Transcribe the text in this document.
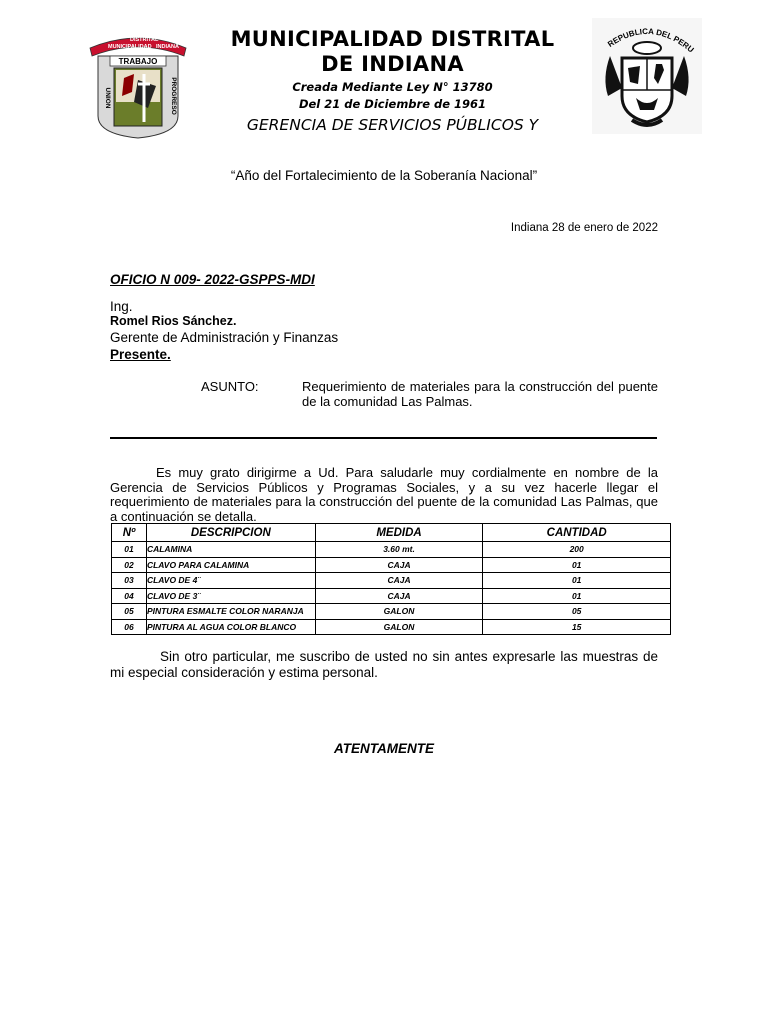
MUNICIPALIDAD
DISTRITAL
INDIANA
TRABAJO
UNION	PROGRESO
REPUBLICA DEL PERU
MUNICIPALIDAD DISTRITAL
DE INDIANA
Creada Mediante Ley N° 13780
Del 21 de Diciembre de 1961
GERENCIA DE SERVICIOS PÚBLICOS Y
“Año del Fortalecimiento de la Soberanía Nacional”
Indiana 28 de enero de 2022
OFICIO N 009- 2022-GSPPS-MDI
Ing.
Romel Rios Sánchez.
Gerente de Administración y Finanzas
Presente.
ASUNTO:	Requerimiento de materiales para la construcción del puente de la comunidad Las Palmas.
Es muy grato dirigirme a Ud. Para saludarle muy cordialmente en nombre de la Gerencia de Servicios Públicos y Programas Sociales, y a su vez hacerle llegar el requerimiento de materiales para la construcción del puente de la comunidad Las Palmas, que a continuación se detalla.
Nº	DESCRIPCION	MEDIDA	CANTIDAD
01	CALAMINA	3.60 mt.	200
02	CLAVO PARA CALAMINA	CAJA	01
03	CLAVO DE 4¨	CAJA	01
04	CLAVO DE 3¨	CAJA	01
05	PINTURA ESMALTE COLOR NARANJA	GALON	05
06	PINTURA AL AGUA COLOR BLANCO	GALON	15
Sin otro particular, me suscribo de usted no sin antes expresarle las muestras de mi especial consideración y estima personal.
ATENTAMENTE
